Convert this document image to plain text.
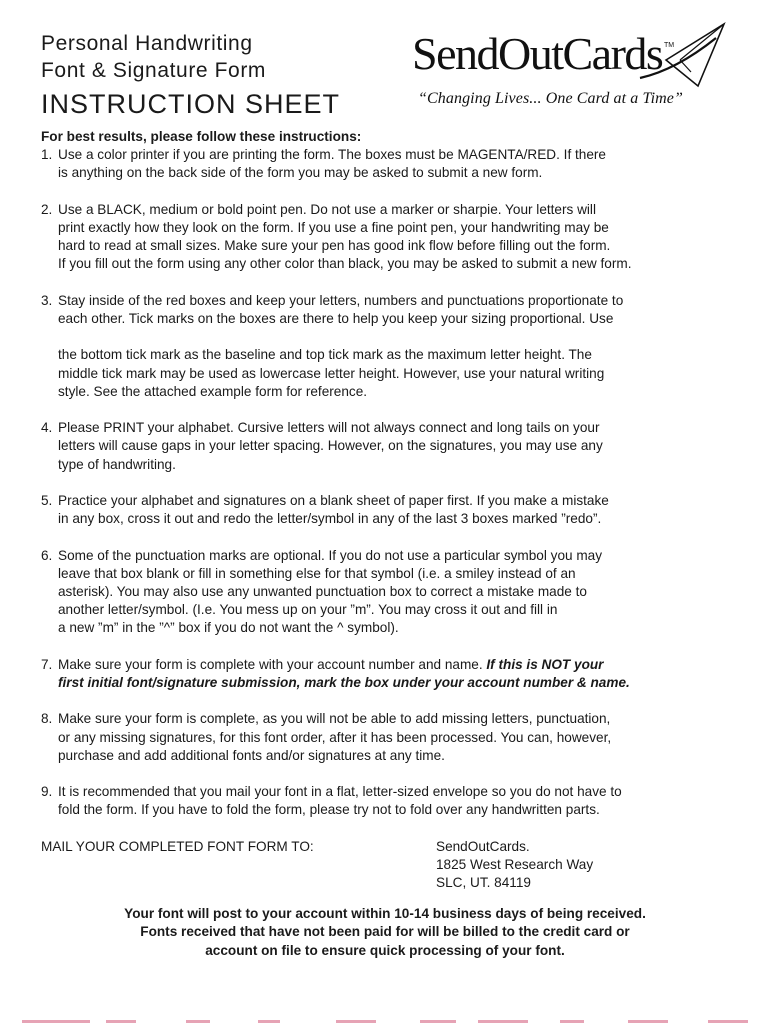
Personal Handwriting
Font & Signature Form
INSTRUCTION SHEET
SendOutCards TM
“Changing Lives... One Card at a Time”

For best results, please follow these instructions:

1. Use a color printer if you are printing the form. The boxes must be MAGENTA/RED. If there
is anything on the back side of the form you may be asked to submit a new form.
2. Use a BLACK, medium or bold point pen. Do not use a marker or sharpie. Your letters will
print exactly how they look on the form. If you use a fine point pen, your handwriting may be
hard to read at small sizes. Make sure your pen has good ink flow before filling out the form.
If you fill out the form using any other color than black, you may be asked to submit a new form.
3. Stay inside of the red boxes and keep your letters, numbers and punctuations proportionate to
each other. Tick marks on the boxes are there to help you keep your sizing proportional. Use
the bottom tick mark as the baseline and top tick mark as the maximum letter height. The
middle tick mark may be used as lowercase letter height. However, use your natural writing
style. See the attached example form for reference.
4. Please PRINT your alphabet. Cursive letters will not always connect and long tails on your
letters will cause gaps in your letter spacing. However, on the signatures, you may use any
type of handwriting.
5. Practice your alphabet and signatures on a blank sheet of paper first. If you make a mistake
in any box, cross it out and redo the letter/symbol in any of the last 3 boxes marked ”redo”.
6. Some of the punctuation marks are optional. If you do not use a particular symbol you may
leave that box blank or fill in something else for that symbol (i.e. a smiley instead of an
asterisk). You may also use any unwanted punctuation box to correct a mistake made to
another letter/symbol. (I.e. You mess up on your ”m”. You may cross it out and fill in
a new ”m” in the ”^” box if you do not want the ^ symbol).
7. Make sure your form is complete with your account number and name. If this is NOT your
first initial font/signature submission, mark the box under your account number & name.
8. Make sure your form is complete, as you will not be able to add missing letters, punctuation,
or any missing signatures, for this font order, after it has been processed. You can, however,
purchase and add additional fonts and/or signatures at any time.
9. It is recommended that you mail your font in a flat, letter-sized envelope so you do not have to
fold the form. If you have to fold the form, please try not to fold over any handwritten parts.
MAIL YOUR COMPLETED FONT FORM TO:	SendOutCards.
1825 West Research Way
SLC, UT. 84119
Your font will post to your account within 10-14 business days of being received.
Fonts received that have not been paid for will be billed to the credit card or
account on file to ensure quick processing of your font.
